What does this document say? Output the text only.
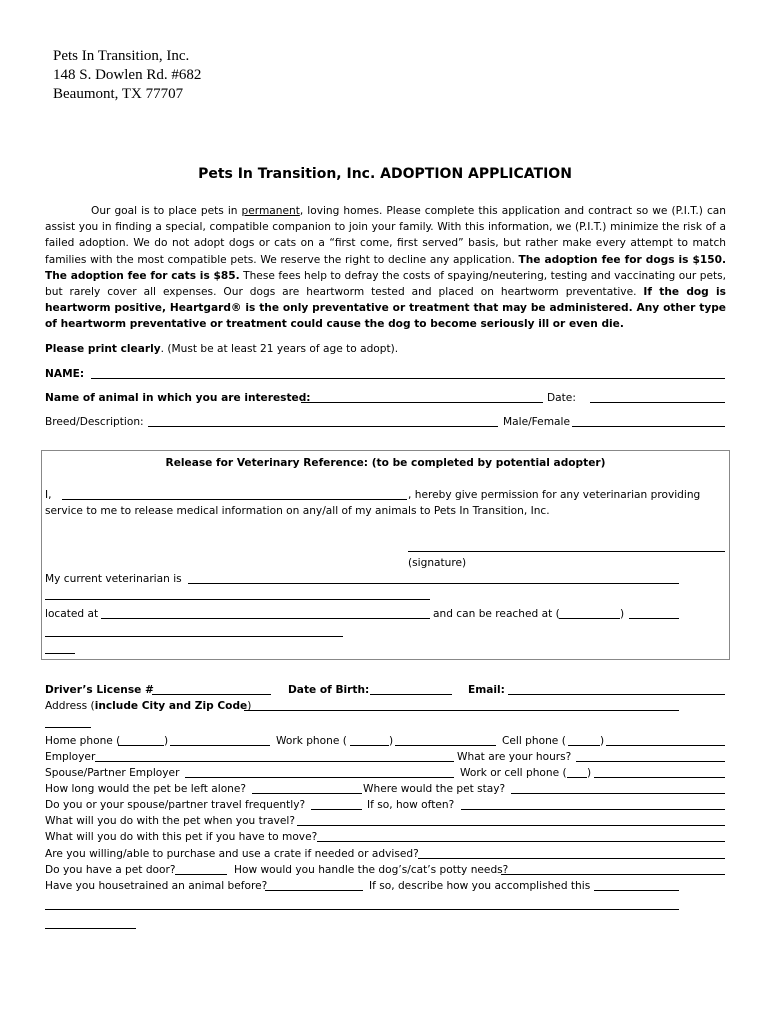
Pets In Transition, Inc.
148 S. Dowlen Rd. #682
Beaumont, TX 77707
Pets In Transition, Inc. ADOPTION APPLICATION

Our goal is to place pets in permanent, loving homes. Please complete this application and contract so we (P.I.T.) can assist you in finding a special, compatible companion to join your family. With this information, we (P.I.T.) minimize the risk of a failed adoption. We do not adopt dogs or cats on a “first come, first served” basis, but rather make every attempt to match families with the most compatible pets. We reserve the right to decline any application. The adoption fee for dogs is $150. The adoption fee for cats is $85. These fees help to defray the costs of spaying/neutering, testing and vaccinating our pets, but rarely cover all expenses. Our dogs are heartworm tested and placed on heartworm preventative. If the dog is heartworm positive, Heartgard® is the only preventative or treatment that may be administered. Any other type of heartworm preventative or treatment could cause the dog to become seriously ill or even die.

Please print clearly. (Must be at least 21 years of age to adopt).
NAME:
Name of animal in which you are interested:	Date:
Breed/Description:	Male/Female
Release for Veterinary Reference: (to be completed by potential adopter)
I,	, hereby give permission for any veterinarian providing
service to me to release medical information on any/all of my animals to Pets In Transition, Inc.
(signature)
My current veterinarian is
located at	and can be reached at (	)
Driver’s License #	Date of Birth:	Email:
Address (include City and Zip Code)
Home phone (	)	Work phone (	)	Cell phone (	)
Employer	What are your hours?
Spouse/Partner Employer	Work or cell phone ( )
How long would the pet be left alone?	Where would the pet stay?
Do you or your spouse/partner travel frequently?	If so, how often?
What will you do with the pet when you travel?
What will you do with this pet if you have to move?
Are you willing/able to purchase and use a crate if needed or advised?
Do you have a pet door?	How would you handle the dog’s/cat’s potty needs?
Have you housetrained an animal before?	If so, describe how you accomplished this
